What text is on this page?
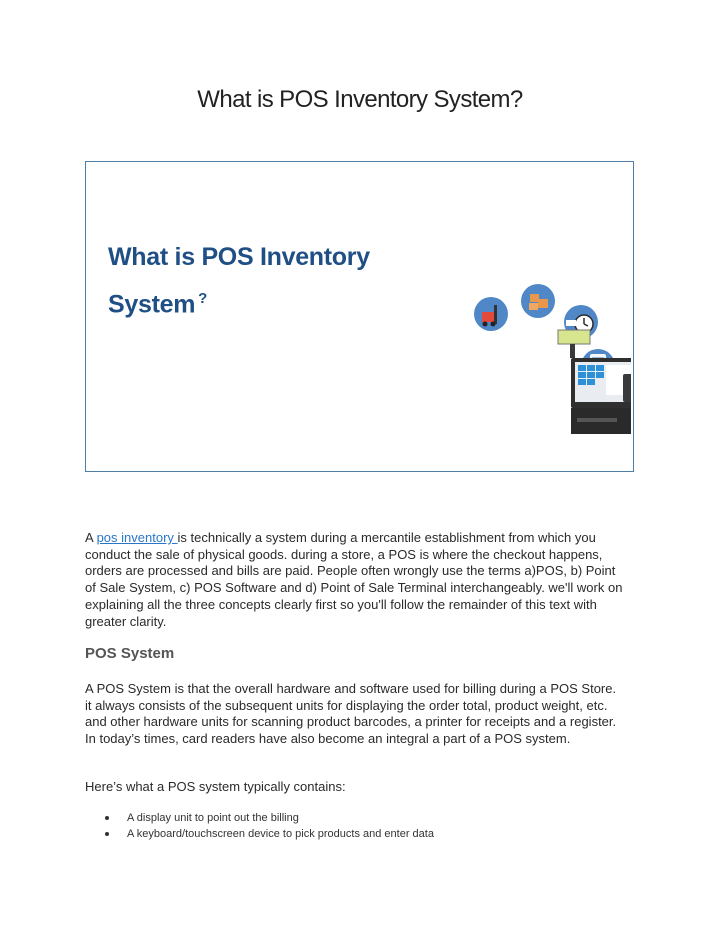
What is POS Inventory System?
What is POS Inventory
System ?

A pos inventory is technically a system during a mercantile establishment from which you conduct the sale of physical goods. during a store, a POS is where the checkout happens, orders are processed and bills are paid. People often wrongly use the terms a)POS, b) Point of Sale System, c) POS Software and d) Point of Sale Terminal interchangeably. we'll work on explaining all the three concepts clearly first so you'll follow the remainder of this text with greater clarity.

POS System

A POS System is that the overall hardware and software used for billing during a POS Store. it always consists of the subsequent units for displaying the order total, product weight, etc. and other hardware units for scanning product barcodes, a printer for receipts and a register. In today’s times, card readers have also become an integral a part of a POS system.

Here’s what a POS system typically contains:

A display unit to point out the billing
A keyboard/touchscreen device to pick products and enter data
